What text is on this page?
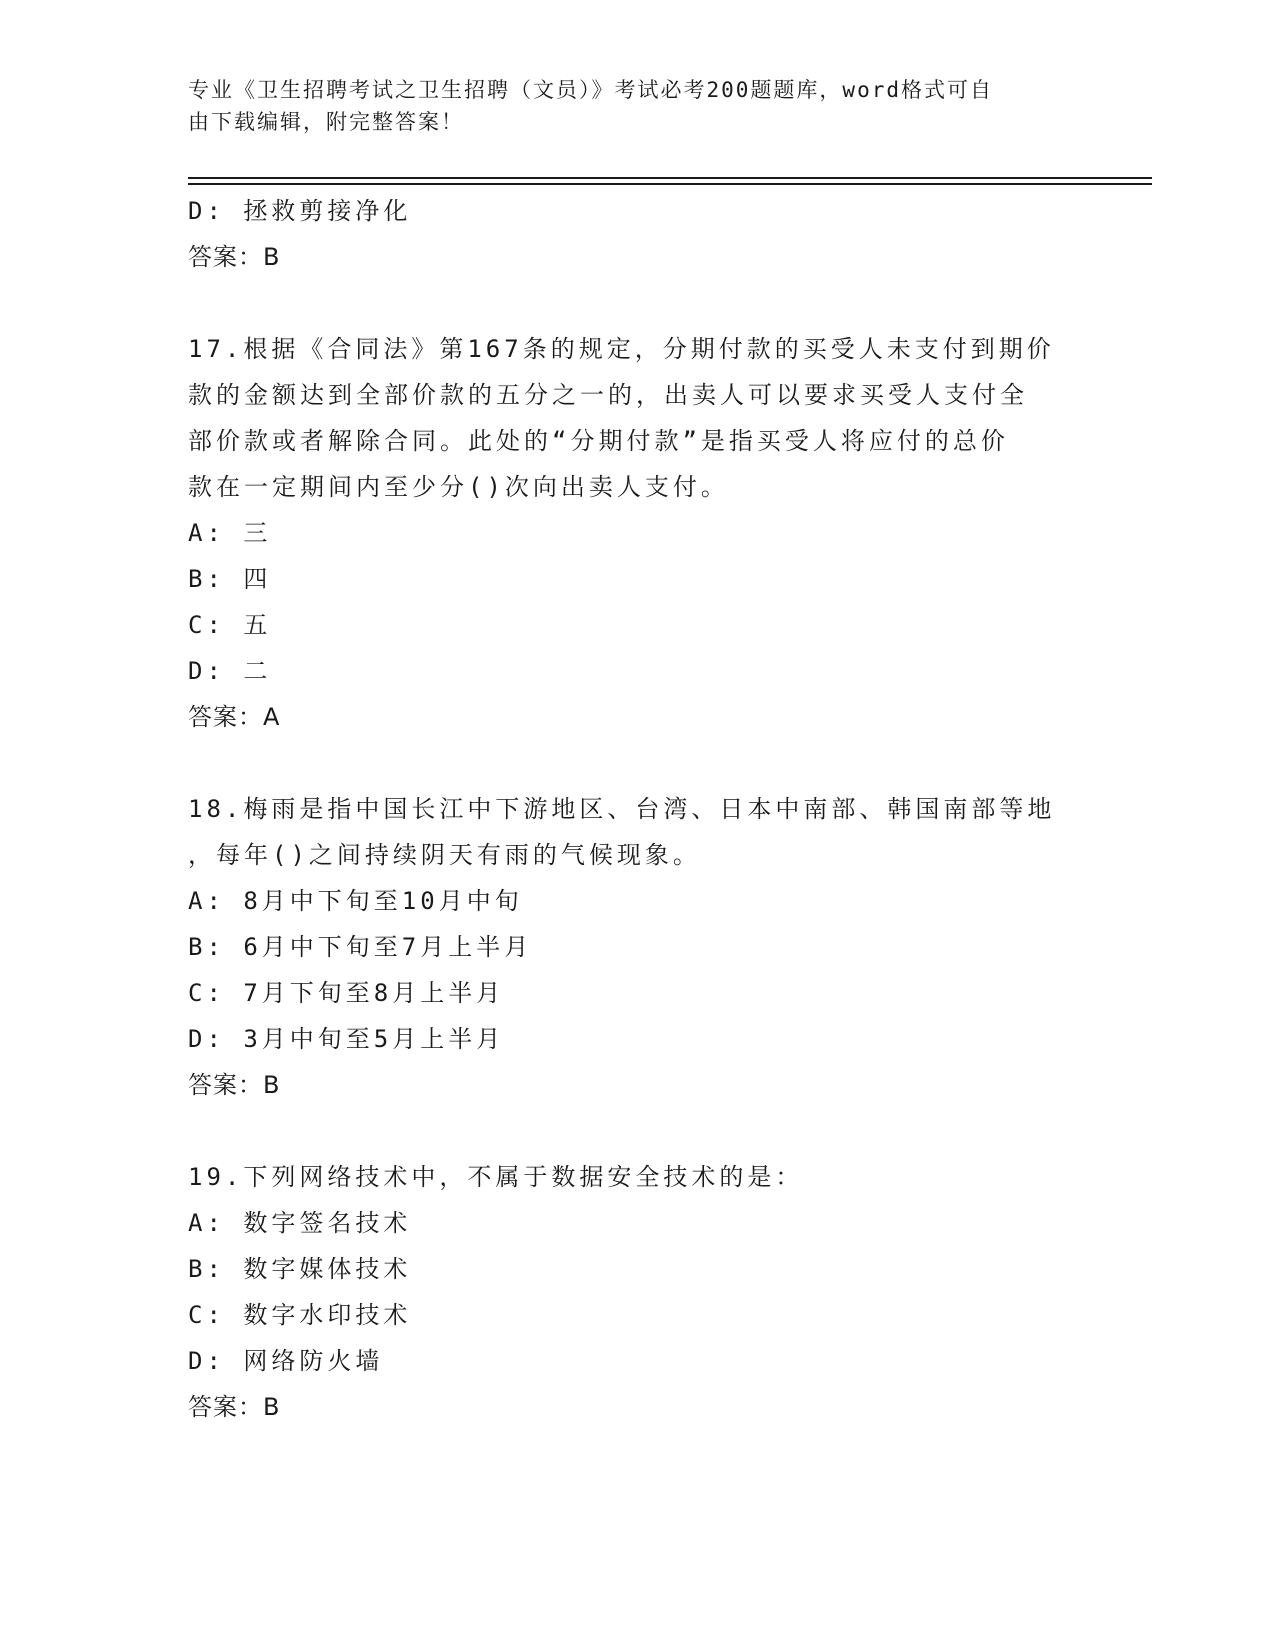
专业《卫生招聘考试之卫生招聘（文员）》考试必考200题题库，word格式可自
由下载编辑，附完整答案！
D: 拯救剪接净化
答案：B
17.根据《合同法》第167条的规定，分期付款的买受人未支付到期价
款的金额达到全部价款的五分之一的，出卖人可以要求买受人支付全
部价款或者解除合同。此处的“分期付款”是指买受人将应付的总价
款在一定期间内至少分()次向出卖人支付。
A: 三
B: 四
C: 五
D: 二
答案：A
18.梅雨是指中国长江中下游地区、台湾、日本中南部、韩国南部等地
，每年()之间持续阴天有雨的气候现象。
A: 8月中下旬至10月中旬
B: 6月中下旬至7月上半月
C: 7月下旬至8月上半月
D: 3月中旬至5月上半月
答案：B
19.下列网络技术中，不属于数据安全技术的是：
A: 数字签名技术
B: 数字媒体技术
C: 数字水印技术
D: 网络防火墙
答案：B
